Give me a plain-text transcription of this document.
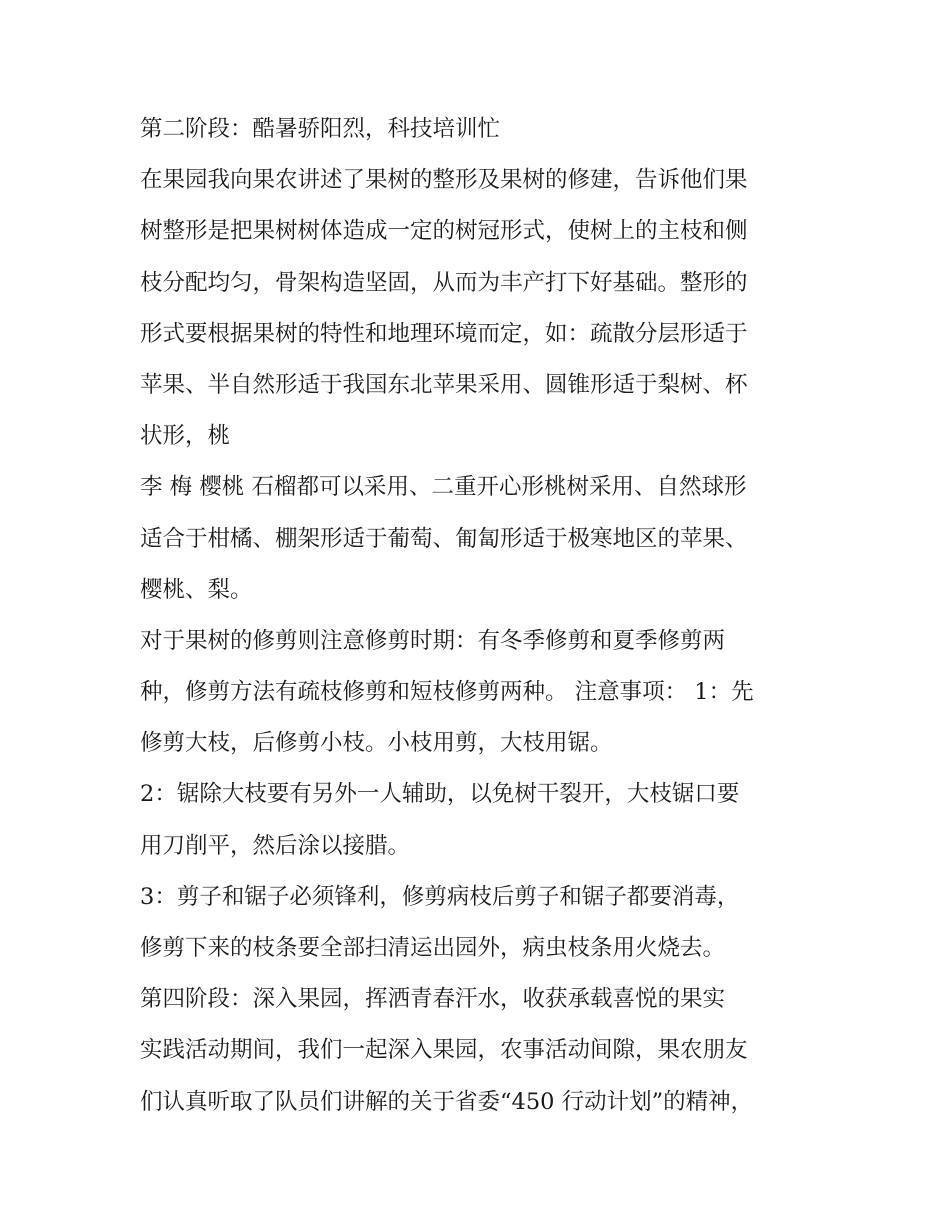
第二阶段：酷暑骄阳烈，科技培训忙
在果园我向果农讲述了果树的整形及果树的修建，告诉他们果
树整形是把果树树体造成一定的树冠形式，使树上的主枝和侧
枝分配均匀，骨架构造坚固，从而为丰产打下好基础。整形的
形式要根据果树的特性和地理环境而定，如：疏散分层形适于
苹果、半自然形适于我国东北苹果采用、圆锥形适于梨树、杯
状形，桃
李 梅 樱桃 石榴都可以采用、二重开心形桃树采用、自然球形
适合于柑橘、棚架形适于葡萄、匍匐形适于极寒地区的苹果、
樱桃、梨。
对于果树的修剪则注意修剪时期：有冬季修剪和夏季修剪两
种，修剪方法有疏枝修剪和短枝修剪两种。 注意事项： 1：先
修剪大枝，后修剪小枝。小枝用剪，大枝用锯。
2：锯除大枝要有另外一人辅助，以免树干裂开，大枝锯口要
用刀削平，然后涂以接腊。
3：剪子和锯子必须锋利，修剪病枝后剪子和锯子都要消毒，
修剪下来的枝条要全部扫清运出园外，病虫枝条用火烧去。
第四阶段：深入果园，挥洒青春汗水，收获承载喜悦的果实
实践活动期间，我们一起深入果园，农事活动间隙，果农朋友
们认真听取了队员们讲解的关于省委“450 行动计划”的精神，
